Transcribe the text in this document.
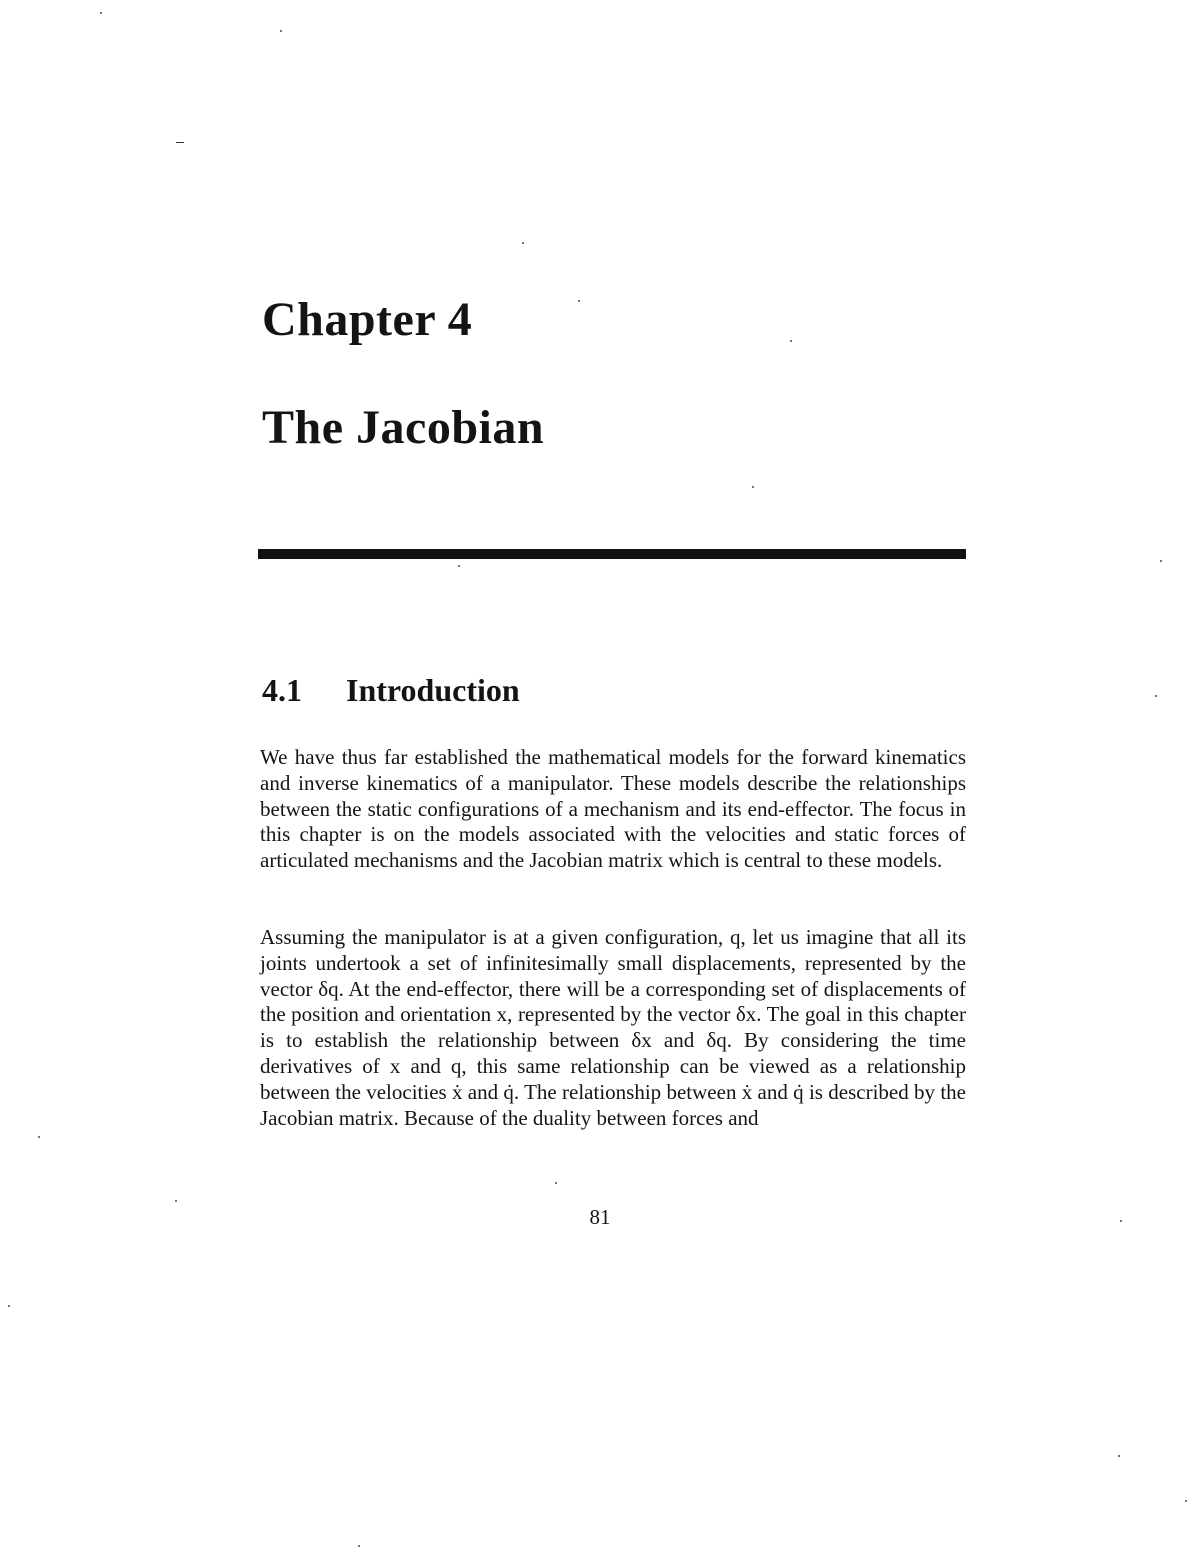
Chapter 4
The Jacobian
4.1 Introduction

We have thus far established the mathematical models for the forward kinematics and inverse kinematics of a manipulator. These models describe the relationships between the static configurations of a mechanism and its end-effector. The focus in this chapter is on the models associated with the velocities and static forces of articulated mechanisms and the Jacobian matrix which is central to these models.

Assuming the manipulator is at a given configuration, q, let us imagine that all its joints undertook a set of infinitesimally small displacements, represented by the vector δq. At the end-effector, there will be a corresponding set of displacements of the position and orientation x, represented by the vector δx. The goal in this chapter is to establish the relationship between δx and δq. By considering the time derivatives of x and q, this same relationship can be viewed as a relationship between the velocities ẋ and q̇. The relationship between ẋ and q̇ is described by the Jacobian matrix. Because of the duality between forces and

81
